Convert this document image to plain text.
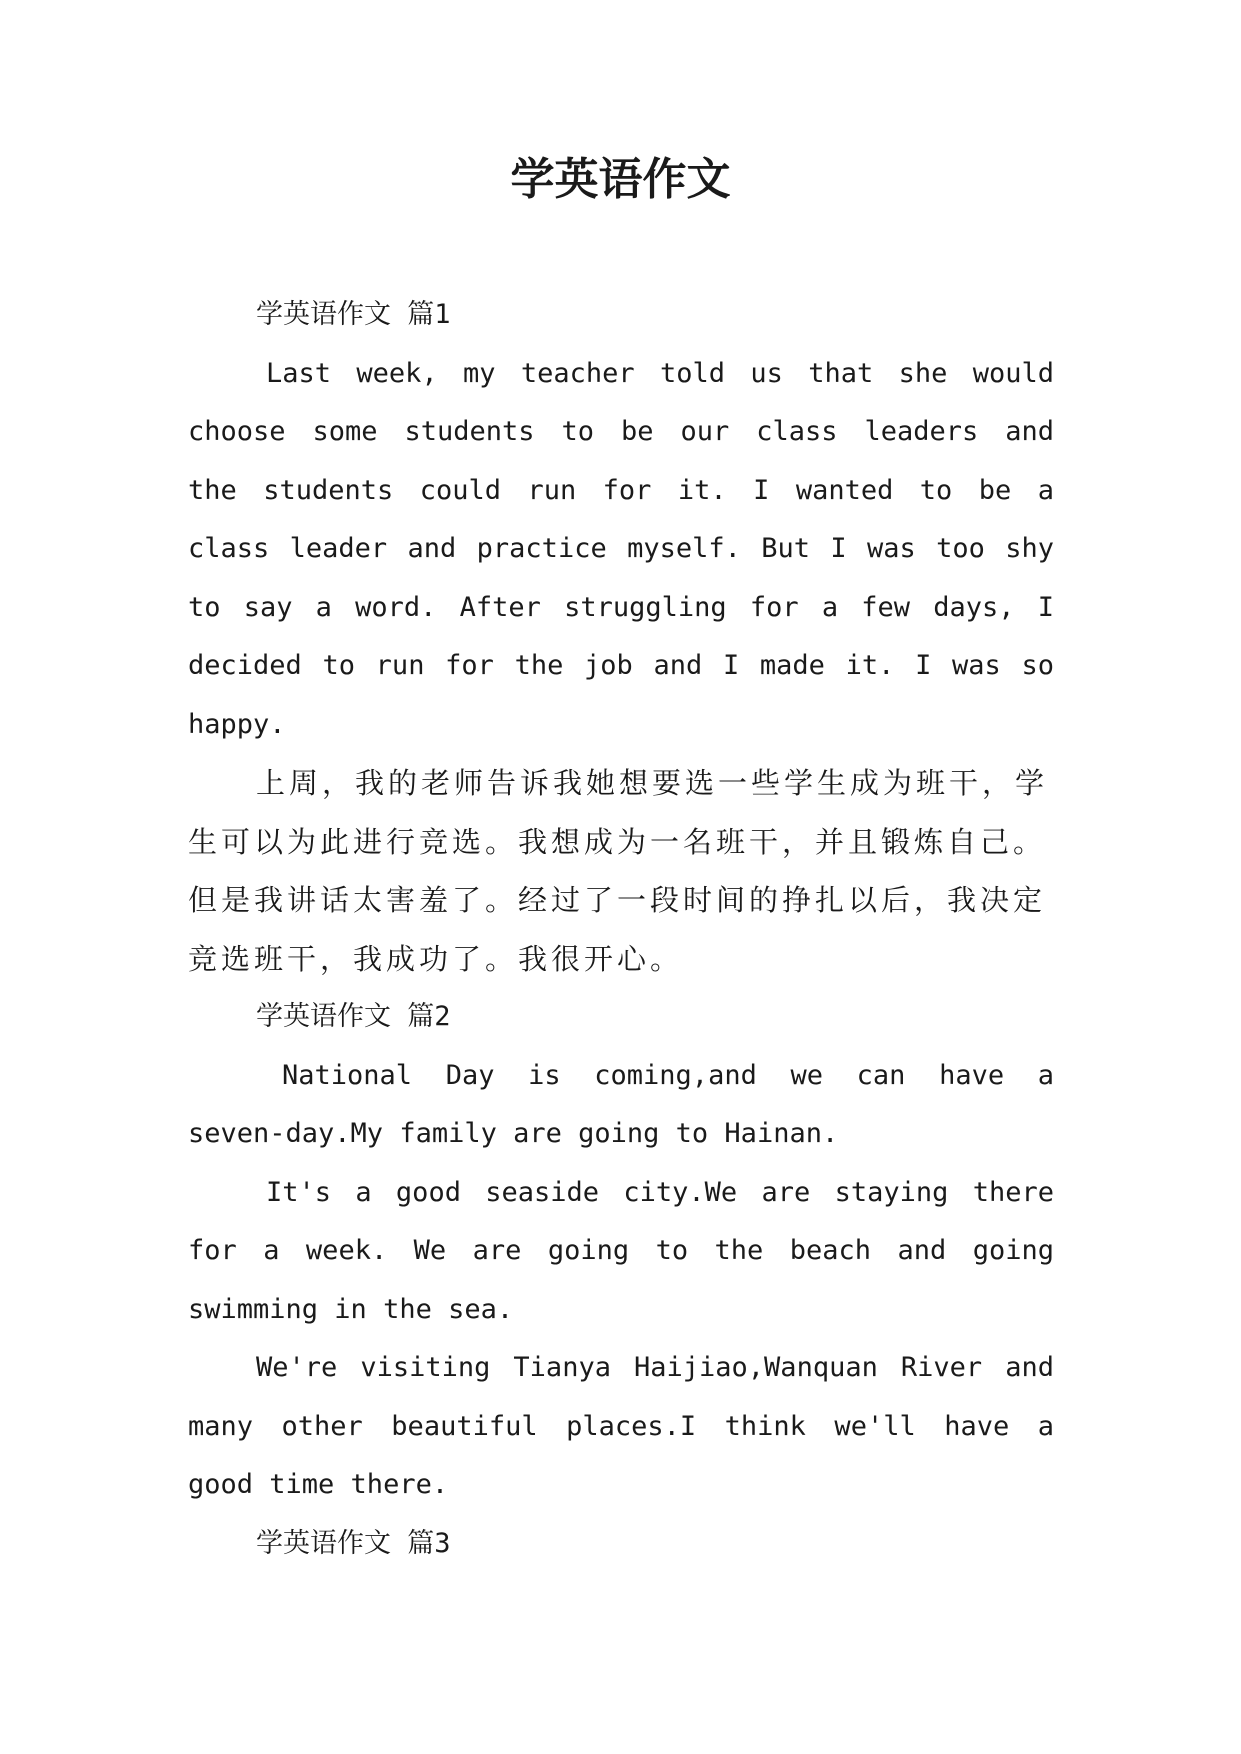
学英语作文
学英语作文 篇1
Last week, my teacher told us that she would
choose some students to be our class leaders and
the students could run for it. I wanted to be a
class leader and practice myself. But I was too shy
to say a word. After struggling for a few days, I
decided to run for the job and I made it. I was so
happy.
上周，我的老师告诉我她想要选一些学生成为班干，学
生可以为此进行竞选。我想成为一名班干，并且锻炼自己。
但是我讲话太害羞了。经过了一段时间的挣扎以后，我决定
竞选班干，我成功了。我很开心。
学英语作文 篇2
National Day is coming,and we can have a
seven-day.My family are going to Hainan.
It's a good seaside city.We are staying there
for a week. We are going to the beach and going
swimming in the sea.
We're visiting Tianya Haijiao,Wanquan River and
many other beautiful places.I think we'll have a
good time there.
学英语作文 篇3
